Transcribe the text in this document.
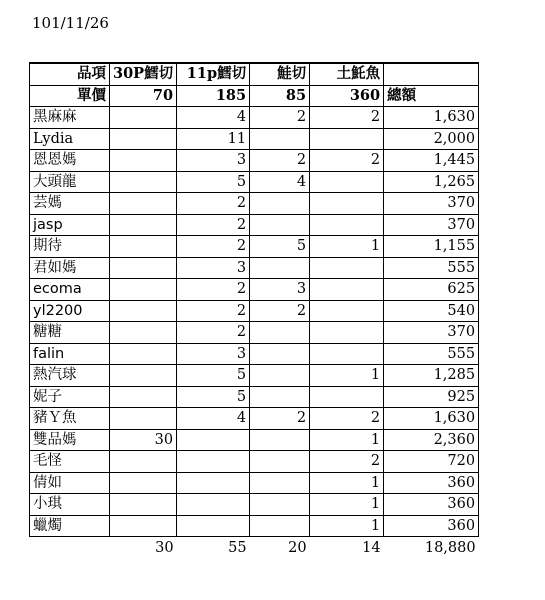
101/11/26
品項	30P鱈切	11p鱈切	鮭切	土魠魚	
單價	70	185	85	360	總額
黑麻麻		4	2	2	1,630
Lydia		11			2,000
恩恩媽		3	2	2	1,445
大頭龍		5	4		1,265
芸媽		2			370
jasp		2			370
期待		2	5	1	1,155
君如媽		3			555
ecoma		2	3		625
yl2200		2	2		540
糖糖		2			370
falin		3			555
熱汽球		5		1	1,285
妮子		5			925
豬Ｙ魚		4	2	2	1,630
雙品媽	30			1	2,360
毛怪				2	720
倩如				1	360
小琪				1	360
蠟燭				1	360
	30	55	20	14	18,880
